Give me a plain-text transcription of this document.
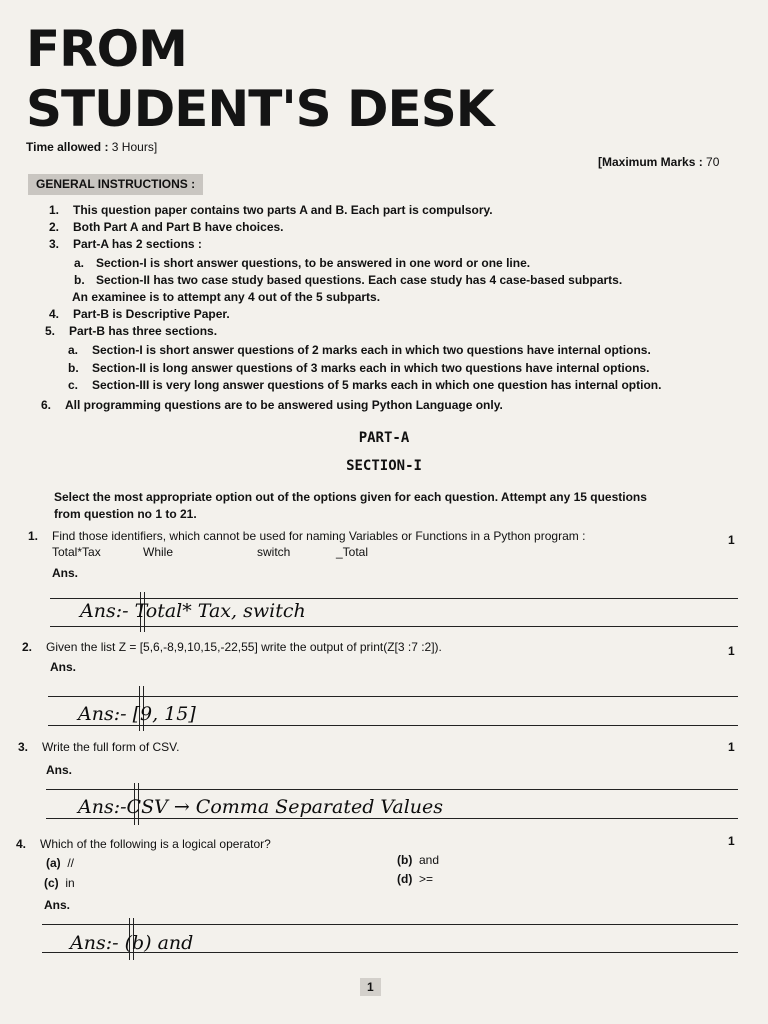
FROM
STUDENT'S DESK
Time allowed : 3 Hours]
[Maximum Marks : 70
GENERAL INSTRUCTIONS :
1. This question paper contains two parts A and B. Each part is compulsory.
2. Both Part A and Part B have choices.
3. Part-A has 2 sections :
a. Section-I is short answer questions, to be answered in one word or one line.
b. Section-II has two case study based questions. Each case study has 4 case-based subparts.
An examinee is to attempt any 4 out of the 5 subparts.
4. Part-B is Descriptive Paper.
5. Part-B has three sections.
a. Section-I is short answer questions of 2 marks each in which two questions have internal options.
b. Section-II is long answer questions of 3 marks each in which two questions have internal options.
c. Section-III is very long answer questions of 5 marks each in which one question has internal option.
6. All programming questions are to be answered using Python Language only.
PART-A
SECTION-I
Select the most appropriate option out of the options given for each question. Attempt any 15 questions
from question no 1 to 21.
1. Find those identifiers, which cannot be used for naming Variables or Functions in a Python program :	1
Total*Tax	While	switch	_Total
Ans.
Ans:- Total* Tax, switch
2. Given the list Z = [5,6,-8,9,10,15,-22,55] write the output of print(Z[3 :7 :2]).	1
Ans.
Ans:- [9, 15]
3. Write the full form of CSV.	1
Ans.
Ans:-CSV → Comma Separated Values
4. Which of the following is a logical operator?	1
(a) //	(b) and
(c) in	(d) >=
Ans.
Ans:- (b) and
1
